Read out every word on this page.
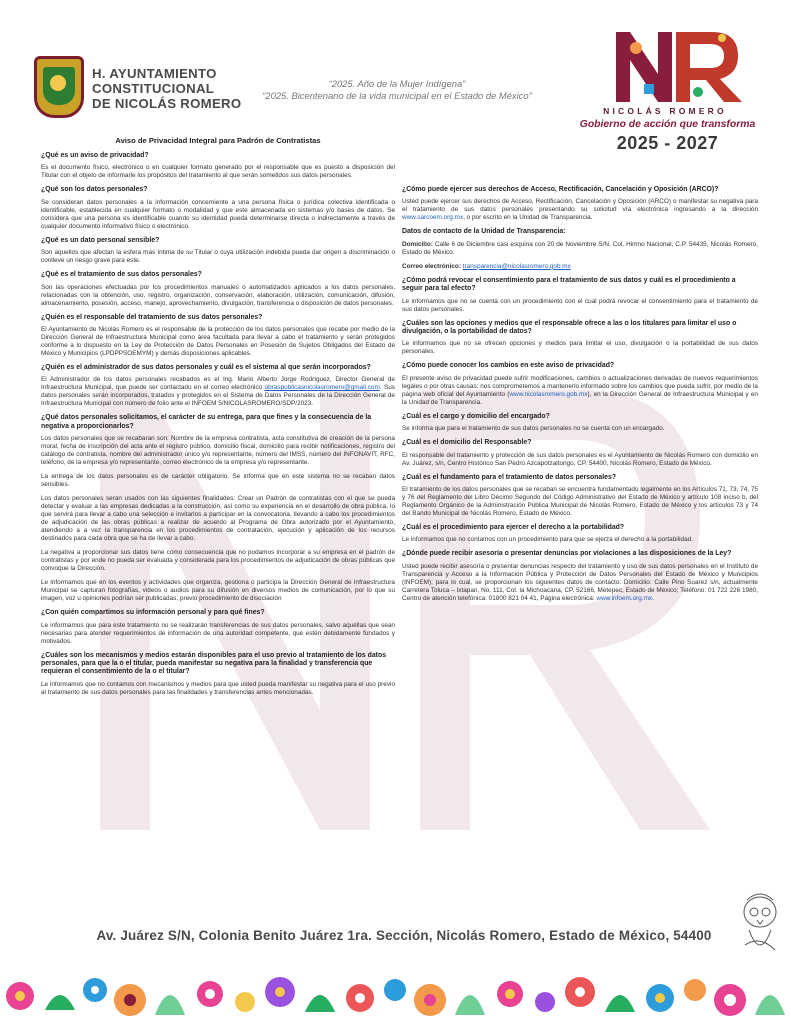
H. AYUNTAMIENTO
CONSTITUCIONAL
DE NICOLÁS ROMERO
“2025. Año de la Mujer Indígena”
“2025. Bicentenario de la vida municipal en el Estado de México”
NICOLÁS ROMERO
Gobierno de acción que transforma
2025 - 2027
Aviso de Privacidad Integral para Padrón de Contratistas
¿Qué es un aviso de privacidad?

Es el documento físico, electrónico o en cualquier formato generado por el responsable que es puesto a disposición del Titular con el objeto de informarle los propósitos del tratamiento al que serán sometidos sus datos personales.

¿Qué son los datos personales?

Se consideran datos personales a la información concerniente a una persona física o jurídica colectiva identificada o identificable, establecida en cualquier formato o modalidad y que este almacenada en sistemas y/o bases de datos. Se considera que una persona es identificable cuando su identidad pueda determinarse directa o indirectamente a través de cualquier documento informativo físico o electrónico.

¿Qué es un dato personal sensible?

Son aquellos que afectan la esfera más íntima de su Titular o cuya utilización indebida pueda dar origen a discriminación o conlleve un riesgo grave para este.

¿Qué es el tratamiento de sus datos personales?

Son las operaciones efectuadas por los procedimientos manuales o automatizados aplicados a los datos personales, relacionadas con la obtención, uso, registro, organización, conservación, elaboración, utilización, comunicación, difusión, almacenamiento, posesión, acceso, manejo, aprovechamiento, divulgación, transferencia o disposición de datos personales.

¿Quién es el responsable del tratamiento de sus datos personales?

El Ayuntamiento de Nicolás Romero es el responsable de la protección de los datos personales que recabe por medio de la Dirección General de Infraestructura Municipal como área facultada para llevar a cabo el tratamiento y serán protegidos conforme a lo dispuesto en la Ley de Protección de Datos Personales en Posesión de Sujetos Obligados del Estado de México y Municipios (LPDPPSOEMYM) y demás disposiciones aplicables.

¿Quién es el administrador de sus datos personales y cuál es el sistema al que serán incorporados?

El Administrador de los datos personales recabados es el Ing. Mario Alberto Jorge Rodríguez, Director General de Infraestructura Municipal, que puede ser contactado en el correo electrónico obraspublicasnicolasromero@gmail.com. Sus datos personales serán incorporados, tratados y protegidos en el Sistema de Datos Personales de la Dirección General de Infraestructura Municipal con número de folio ante el INFOEM 5/NICOLASROMERO/SDP/2023.

¿Qué datos personales solicitamos, el carácter de su entrega, para que fines y la consecuencia de la negativa a proporcionarlos?

Los datos personales que se recabaran son: Nombre de la empresa contratista, acta constitutiva de creación de la persona moral, fecha de inscripción del acta ante el registro público, domicilio fiscal, domicilio para recibir notificaciones, registro del catálogo de contratista, nombre del administrador único y/o representante, número del IMSS, número del INFONAVIT, RFC, teléfono, de la empresa y/o representante, correo electrónico de la empresa y/o representante.

La entrega de los datos personales es de carácter obligatorio. Se informa que en este sistema no se recaban datos sensibles.

Los datos personales seran usados con las siguientes finalidades: Crear un Padrón de contratistas con el que se pueda detectar y evaluar a las empresas dedicadas a la construcción, así como su experiencia en el desarrollo de obra pública, lo que servirá para llevar a cabo una selección e invitarlos a participar en la convocatoria, llevando a cabo los procedimientos de adjudicación de las obras públicas a realizar de acuerdo al Programa de Obra autorizado por el Ayuntamiento, atendiendo a a vez la transparencia en los procedimientos de contratación, ejecución y aplicación de los recursos destinados para cada obra que se ha de llevar a cabo.

La negativa a proporcionar sus datos tiene como consecuencia que no podamos incorporar a su empresa en el padrón de contratistas y por ende no pueda ser evaluada y considerada para los procedimientos de adjudicación de obras públicas que convoque la Dirección.

Le informamos que en los eventos y actividades que organiza, gestiona o participa la Dirección General de Infraestructura Municipal se capturan fotografías, videos o audios para su difusión en diversos medios de comunicación, por lo que su imagen, voz u opiniones podrían ser publicadas, previo procedimiento de disociación

¿Con quién compartimos su información personal y para qué fines?

Le informamos que para este tratamiento no se realizarán transferencias de sus datos personales, salvo aquéllas que sean necesarias para atender requerimientos de información de una autoridad competente, que estén debidamente fundados y motivados.

¿Cuáles son los mecanismos y medios estarán disponibles para el uso previo al tratamiento de los datos personales, para que la o el titular, pueda manifestar su negativa para la finalidad y transferencia que requieran el consentimiento de la o el titular?

Le informamos que no contamos con mecanismos y medios para que usted pueda manifestar su negativa para el uso previo al tratamiento de sus datos personales para las finalidades y transferencias antes mencionadas.

¿Cómo puede ejercer sus derechos de Acceso, Rectificación, Cancelación y Oposición (ARCO)?

Usted puede ejercer sus derechos de Acceso, Rectificación, Cancelación y Oposición (ARCO) o manifestar su negativa para el tratamiento de sus datos personales presentando su solicitud vía electrónica ingresando a la dirección www.sarcoem.org.mx, o por escrito en la Unidad de Transparencia.

Datos de contacto de la Unidad de Transparencia:

Domicilio: Calle 6 de Diciembre casi esquina con 20 de Noviembre S/N, Col. Himno Nacional, C.P. 54435, Nicolás Romero, Estado de México.

Correo electrónico: transparencia@nicolasromero.gob.mx

¿Cómo podrá revocar el consentimiento para el tratamiento de sus datos y cuál es el procedimiento a seguir para tal efecto?

Le informamos que no se cuenta con un procedimiento con el cual podrá revocar el consentimiento para el tratamiento de sus datos personales.

¿Cuáles son las opciones y medios que el responsable ofrece a las o los titulares para limitar el uso o divulgación, o la portabilidad de datos?

Le informamos que no se ofrecen opciones y medios para limitar el uso, divulgación o la portabilidad de sus datos personales.

¿Cómo puede conocer los cambios en este aviso de privacidad?

El presente aviso de privacidad puede sufrir modificaciones, cambios o actualizaciones derivadas de nuevos requerimientos legales o por otras causas; nos comprometemos a mantenerlo informado sobre los cambios que pueda sufrir, por medio de la página web oficial del Ayuntamiento (www.nicolasromero.gob.mx), en la Dirección General de Infraestructura Municipal y en la Unidad de Transparencia.

¿Cuál es el cargo y domicilio del encargado?

Se informa que para el tratamiento de sus datos personales no se cuenta con un encargado.

¿Cuál es el domicilio del Responsable?

El responsable del tratamiento y protección de sus datos personales es el Ayuntamiento de Nicolás Romero con domicilio en Av. Juárez, s/n, Centro Histórico San Pedro Azcapotzaltongo, CP. 54400, Nicolás Romero, Estado de México.

¿Cuál es el fundamento para el tratamiento de datos personales?

El tratamiento de los datos personales que se recaban se encuentra fundamentado legalmente en los Artículos 71, 73, 74, 75 y 76 del Reglamento del Libro Décimo Segundo del Código Administrativo del Estado de México y artículo 108 inciso b, del Reglamento Orgánico de la Administración Pública Municipal de Nicolás Romero, Estado de México y los artículos 73 y 74 del Bando Municipal de Nicolás Romero, Estado de México.

¿Cuál es el procedimiento para ejercer el derecho a la portabilidad?

Le informamos que no contamos con un procedimiento para que se ejerza el derecho a la portabilidad.

¿Dónde puede recibir asesoría o presentar denuncias por violaciones a las disposiciones de la Ley?

Usted puede recibir asesoría o presentar denuncias respecto del tratamiento y uso de sus datos personales en el Instituto de Transparencia y Acceso a la Información Pública y Protección de Datos Personales del Estado de México y Municipios (INFOEM); para lo cual, se proporcionan los siguientes datos de contacto: Domicilio: Calle Pino Suarez s/n, actualmente Carretera Toluca – Ixtapan, No. 111, Col. la Michoacana, CP. 52166, Metepec, Estado de México; Teléfono: 01 722 226 1980, Centro de atención telefónica: 01800 821 04 41, Página electrónica: www.infoem.org.mx.

Av. Juárez S/N, Colonia Benito Juárez 1ra. Sección, Nicolás Romero, Estado de México, 54400
